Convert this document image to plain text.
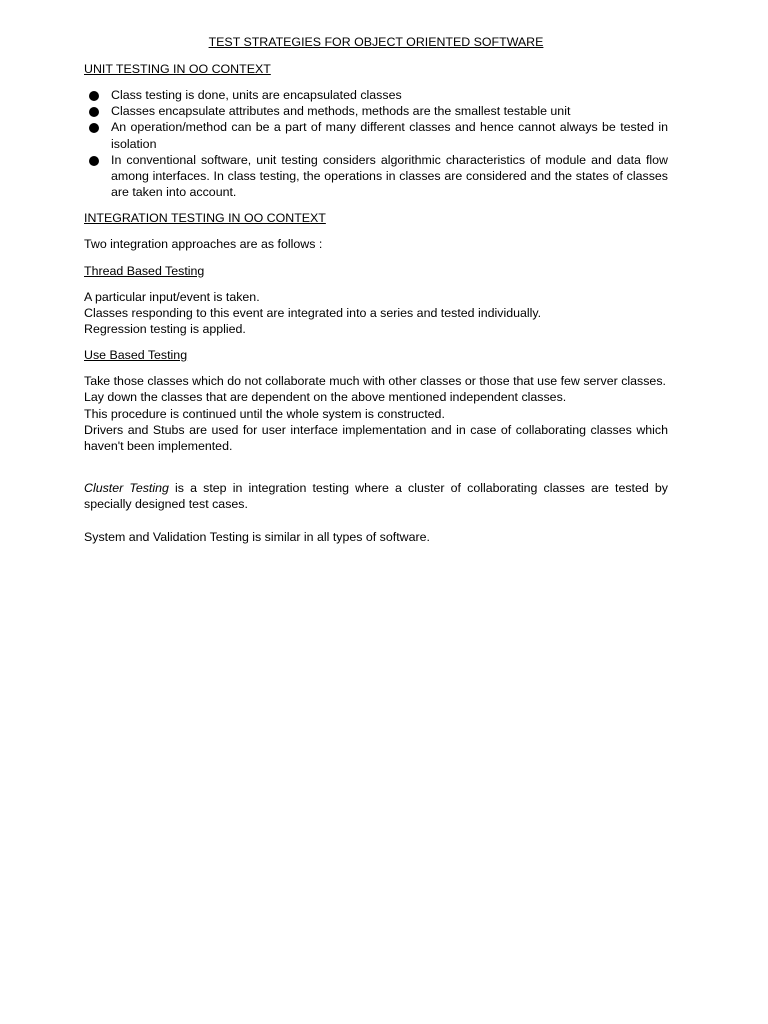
TEST STRATEGIES FOR OBJECT ORIENTED SOFTWARE
UNIT TESTING IN OO CONTEXT
Class testing is done, units are encapsulated classes
Classes encapsulate attributes and methods, methods are the smallest testable unit
An operation/method can be a part of many different classes and hence cannot always be tested in isolation
In conventional software, unit testing considers algorithmic characteristics of module and data flow among interfaces. In class testing, the operations in classes are considered and the states of classes are taken into account.
INTEGRATION TESTING IN OO CONTEXT
Two integration approaches are as follows :
Thread Based Testing
A particular input/event is taken.
Classes responding to this event are integrated into a series and tested individually.
Regression testing is applied.
Use Based Testing
Take those classes which do not collaborate much with other classes or those that use few server classes.
Lay down the classes that are dependent on the above mentioned independent classes.
This procedure is continued until the whole system is constructed.
Drivers and Stubs are used for user interface implementation and in case of collaborating classes which haven't been implemented.
Cluster Testing is a step in integration testing where a cluster of collaborating classes are tested by specially designed test cases.
System and Validation Testing is similar in all types of software.
